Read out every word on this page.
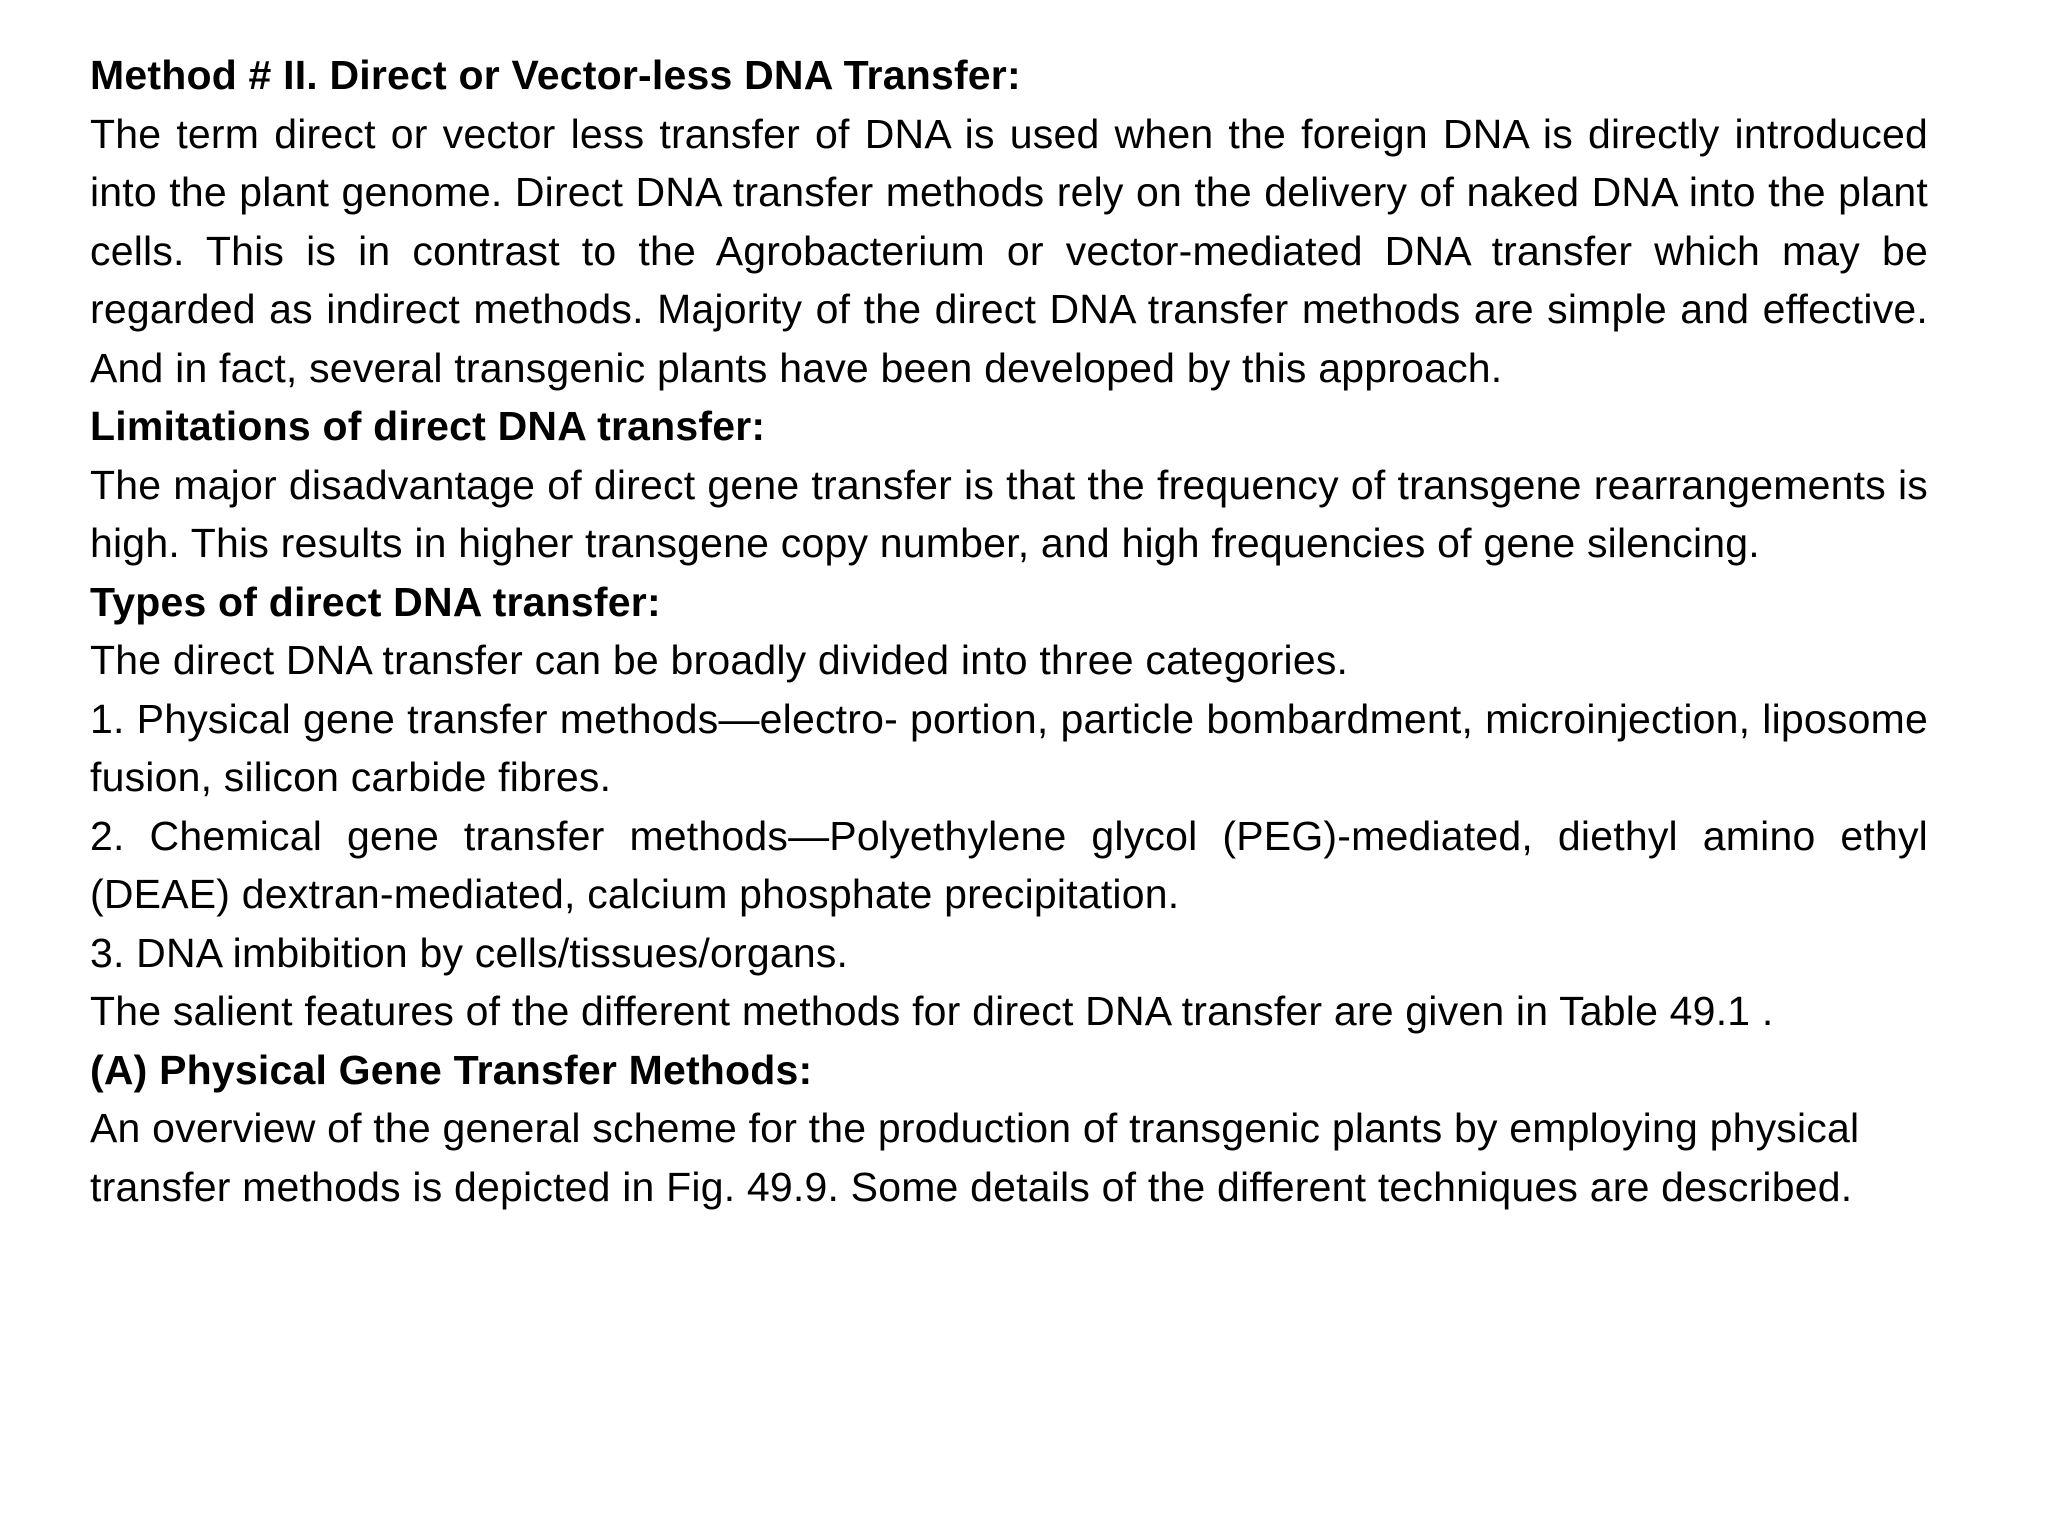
Method # II. Direct or Vector-less DNA Transfer:

The term direct or vector less transfer of DNA is used when the foreign DNA is directly introduced into the plant genome. Direct DNA transfer methods rely on the delivery of naked DNA into the plant cells. This is in contrast to the Agrobacterium or vector-mediated DNA transfer which may be regarded as indirect methods. Majority of the direct DNA transfer methods are simple and effective. And in fact, several transgenic plants have been developed by this approach.

Limitations of direct DNA transfer:

The major disadvantage of direct gene transfer is that the frequency of transgene rearrangements is high. This results in higher transgene copy number, and high frequencies of gene silencing.

Types of direct DNA transfer:

The direct DNA transfer can be broadly divided into three categories.

1. Physical gene transfer methods—electro- portion, particle bombardment, microinjection, liposome fusion, silicon carbide fibres.

2. Chemical gene transfer methods—Polyethylene glycol (PEG)-mediated, diethyl amino ethyl (DEAE) dextran-mediated, calcium phosphate precipitation.

3. DNA imbibition by cells/tissues/organs.

The salient features of the different methods for direct DNA transfer are given in Table 49.1 .

(A) Physical Gene Transfer Methods:

An overview of the general scheme for the production of transgenic plants by employing physical transfer methods is depicted in Fig. 49.9. Some details of the different techniques are described.
